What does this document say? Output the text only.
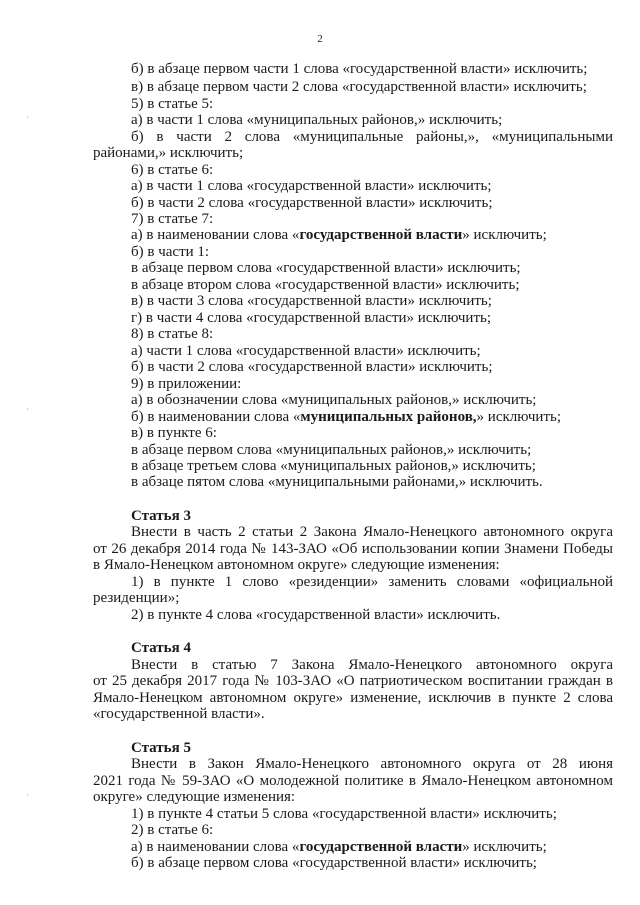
2
·
·
·
б) в абзаце первом части 1 слова «государственной власти» исключить;
в) в абзаце первом части 2 слова «государственной власти» исключить;
5) в статье 5:
а) в части 1 слова «муниципальных районов,» исключить;
б) в части 2 слова «муниципальные районы,», «муниципальными
районами,» исключить;
6) в статье 6:
а) в части 1 слова «государственной власти» исключить;
б) в части 2 слова «государственной власти» исключить;
7) в статье 7:
а) в наименовании слова «государственной власти» исключить;
б) в части 1:
в абзаце первом слова «государственной власти» исключить;
в абзаце втором слова «государственной власти» исключить;
в) в части 3 слова «государственной власти» исключить;
г) в части 4 слова «государственной власти» исключить;
8) в статье 8:
а) части 1 слова «государственной власти» исключить;
б) в части 2 слова «государственной власти» исключить;
9) в приложении:
а) в обозначении слова «муниципальных районов,» исключить;
б) в наименовании слова «муниципальных районов,» исключить;
в) в пункте 6:
в абзаце первом слова «муниципальных районов,» исключить;
в абзаце третьем слова «муниципальных районов,» исключить;
в абзаце пятом слова «муниципальными районами,» исключить.
Статья 3
Внести в часть 2 статьи 2 Закона Ямало-Ненецкого автономного округа
от 26 декабря 2014 года № 143-ЗАО «Об использовании копии Знамени Победы
в Ямало-Ненецком автономном округе» следующие изменения:
1) в пункте 1 слово «резиденции» заменить словами «официальной
резиденции»;
2) в пункте 4 слова «государственной власти» исключить.
Статья 4
Внести в статью 7 Закона Ямало-Ненецкого автономного округа
от 25 декабря 2017 года № 103-ЗАО «О патриотическом воспитании граждан в
Ямало-Ненецком автономном округе» изменение, исключив в пункте 2 слова
«государственной власти».
Статья 5
Внести в Закон Ямало-Ненецкого автономного округа от 28 июня
2021 года № 59-ЗАО «О молодежной политике в Ямало-Ненецком автономном
округе» следующие изменения:
1) в пункте 4 статьи 5 слова «государственной власти» исключить;
2) в статье 6:
а) в наименовании слова «государственной власти» исключить;
б) в абзаце первом слова «государственной власти» исключить;
